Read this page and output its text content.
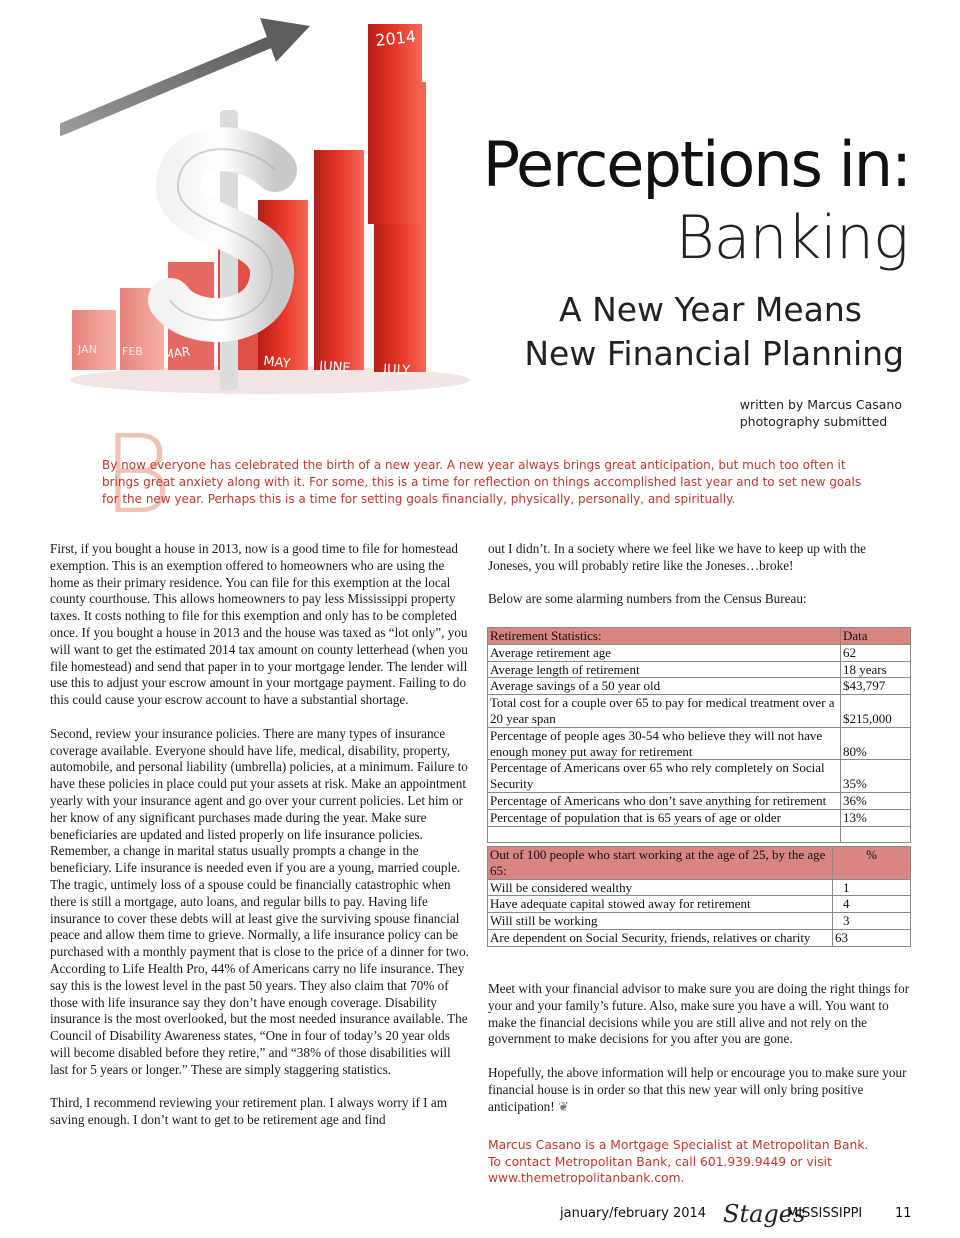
2014
JAN FEB MAR
MAY JUNE JULY
Perceptions in:
Banking
A New Year Means
New Financial Planning
written by Marcus Casano
photography submitted
B
By now everyone has celebrated the birth of a new year. A new year always brings great anticipation, but much too often it brings great anxiety along with it. For some, this is a time for reflection on things accomplished last year and to set new goals for the new year. Perhaps this is a time for setting goals financially, physically, personally, and spiritually.

First, if you bought a house in 2013, now is a good time to file for homestead exemption. This is an exemption offered to homeowners who are using the home as their primary residence. You can file for this exemption at the local county courthouse. This allows homeowners to pay less Mississippi property taxes. It costs nothing to file for this exemption and only has to be completed once. If you bought a house in 2013 and the house was taxed as “lot only”, you will want to get the estimated 2014 tax amount on county letterhead (when you file homestead) and send that paper in to your mortgage lender. The lender will use this to adjust your escrow amount in your mortgage payment. Failing to do this could cause your escrow account to have a substantial shortage.

Second, review your insurance policies. There are many types of insurance coverage available. Everyone should have life, medical, disability, property, automobile, and personal liability (umbrella) policies, at a minimum. Failure to have these policies in place could put your assets at risk. Make an appointment yearly with your insurance agent and go over your current policies. Let him or her know of any significant purchases made during the year. Make sure beneficiaries are updated and listed properly on life insurance policies. Remember, a change in marital status usually prompts a change in the beneficiary. Life insurance is needed even if you are a young, married couple. The tragic, untimely loss of a spouse could be financially catastrophic when there is still a mortgage, auto loans, and regular bills to pay. Having life insurance to cover these debts will at least give the surviving spouse financial peace and allow them time to grieve. Normally, a life insurance policy can be purchased with a monthly payment that is close to the price of a dinner for two. According to Life Health Pro, 44% of Americans carry no life insurance. They say this is the lowest level in the past 50 years. They also claim that 70% of those with life insurance say they don’t have enough coverage. Disability insurance is the most overlooked, but the most needed insurance available. The Council of Disability Awareness states, “One in four of today’s 20 year olds will become disabled before they retire,” and “38% of those disabilities will last for 5 years or longer.” These are simply staggering statistics.

Third, I recommend reviewing your retirement plan. I always worry if I am saving enough. I don’t want to get to be retirement age and find

out I didn’t. In a society where we feel like we have to keep up with the Joneses, you will probably retire like the Joneses…broke!

Below are some alarming numbers from the Census Bureau:

Retirement Statistics:	Data
Average retirement age	62
Average length of retirement	18 years
Average savings of a 50 year old	$43,797
Total cost for a couple over 65 to pay for medical treatment over a 20 year span	$215,000
Percentage of people ages 30-54 who believe they will not have enough money put away for retirement	80%
Percentage of Americans over 65 who rely completely on Social Security	35%
Percentage of Americans who don’t save anything for retirement	36%
Percentage of population that is 65 years of age or older	13%

Out of 100 people who start working at the age of 25, by the age 65:	%
Will be considered wealthy	1
Have adequate capital stowed away for retirement	4
Will still be working	3
Are dependent on Social Security, friends, relatives or charity	63

Meet with your financial advisor to make sure you are doing the right things for your and your family’s future. Also, make sure you have a will. You want to make the financial decisions while you are still alive and not rely on the government to make decisions for you after you are gone.

Hopefully, the above information will help or encourage you to make sure your financial house is in order so that this new year will only bring positive anticipation! ❦

Marcus Casano is a Mortgage Specialist at Metropolitan Bank.
To contact Metropolitan Bank, call 601.939.9449 or visit
www.themetropolitanbank.com.
january/february 2014 Stages
MISSISSIPPI	11
